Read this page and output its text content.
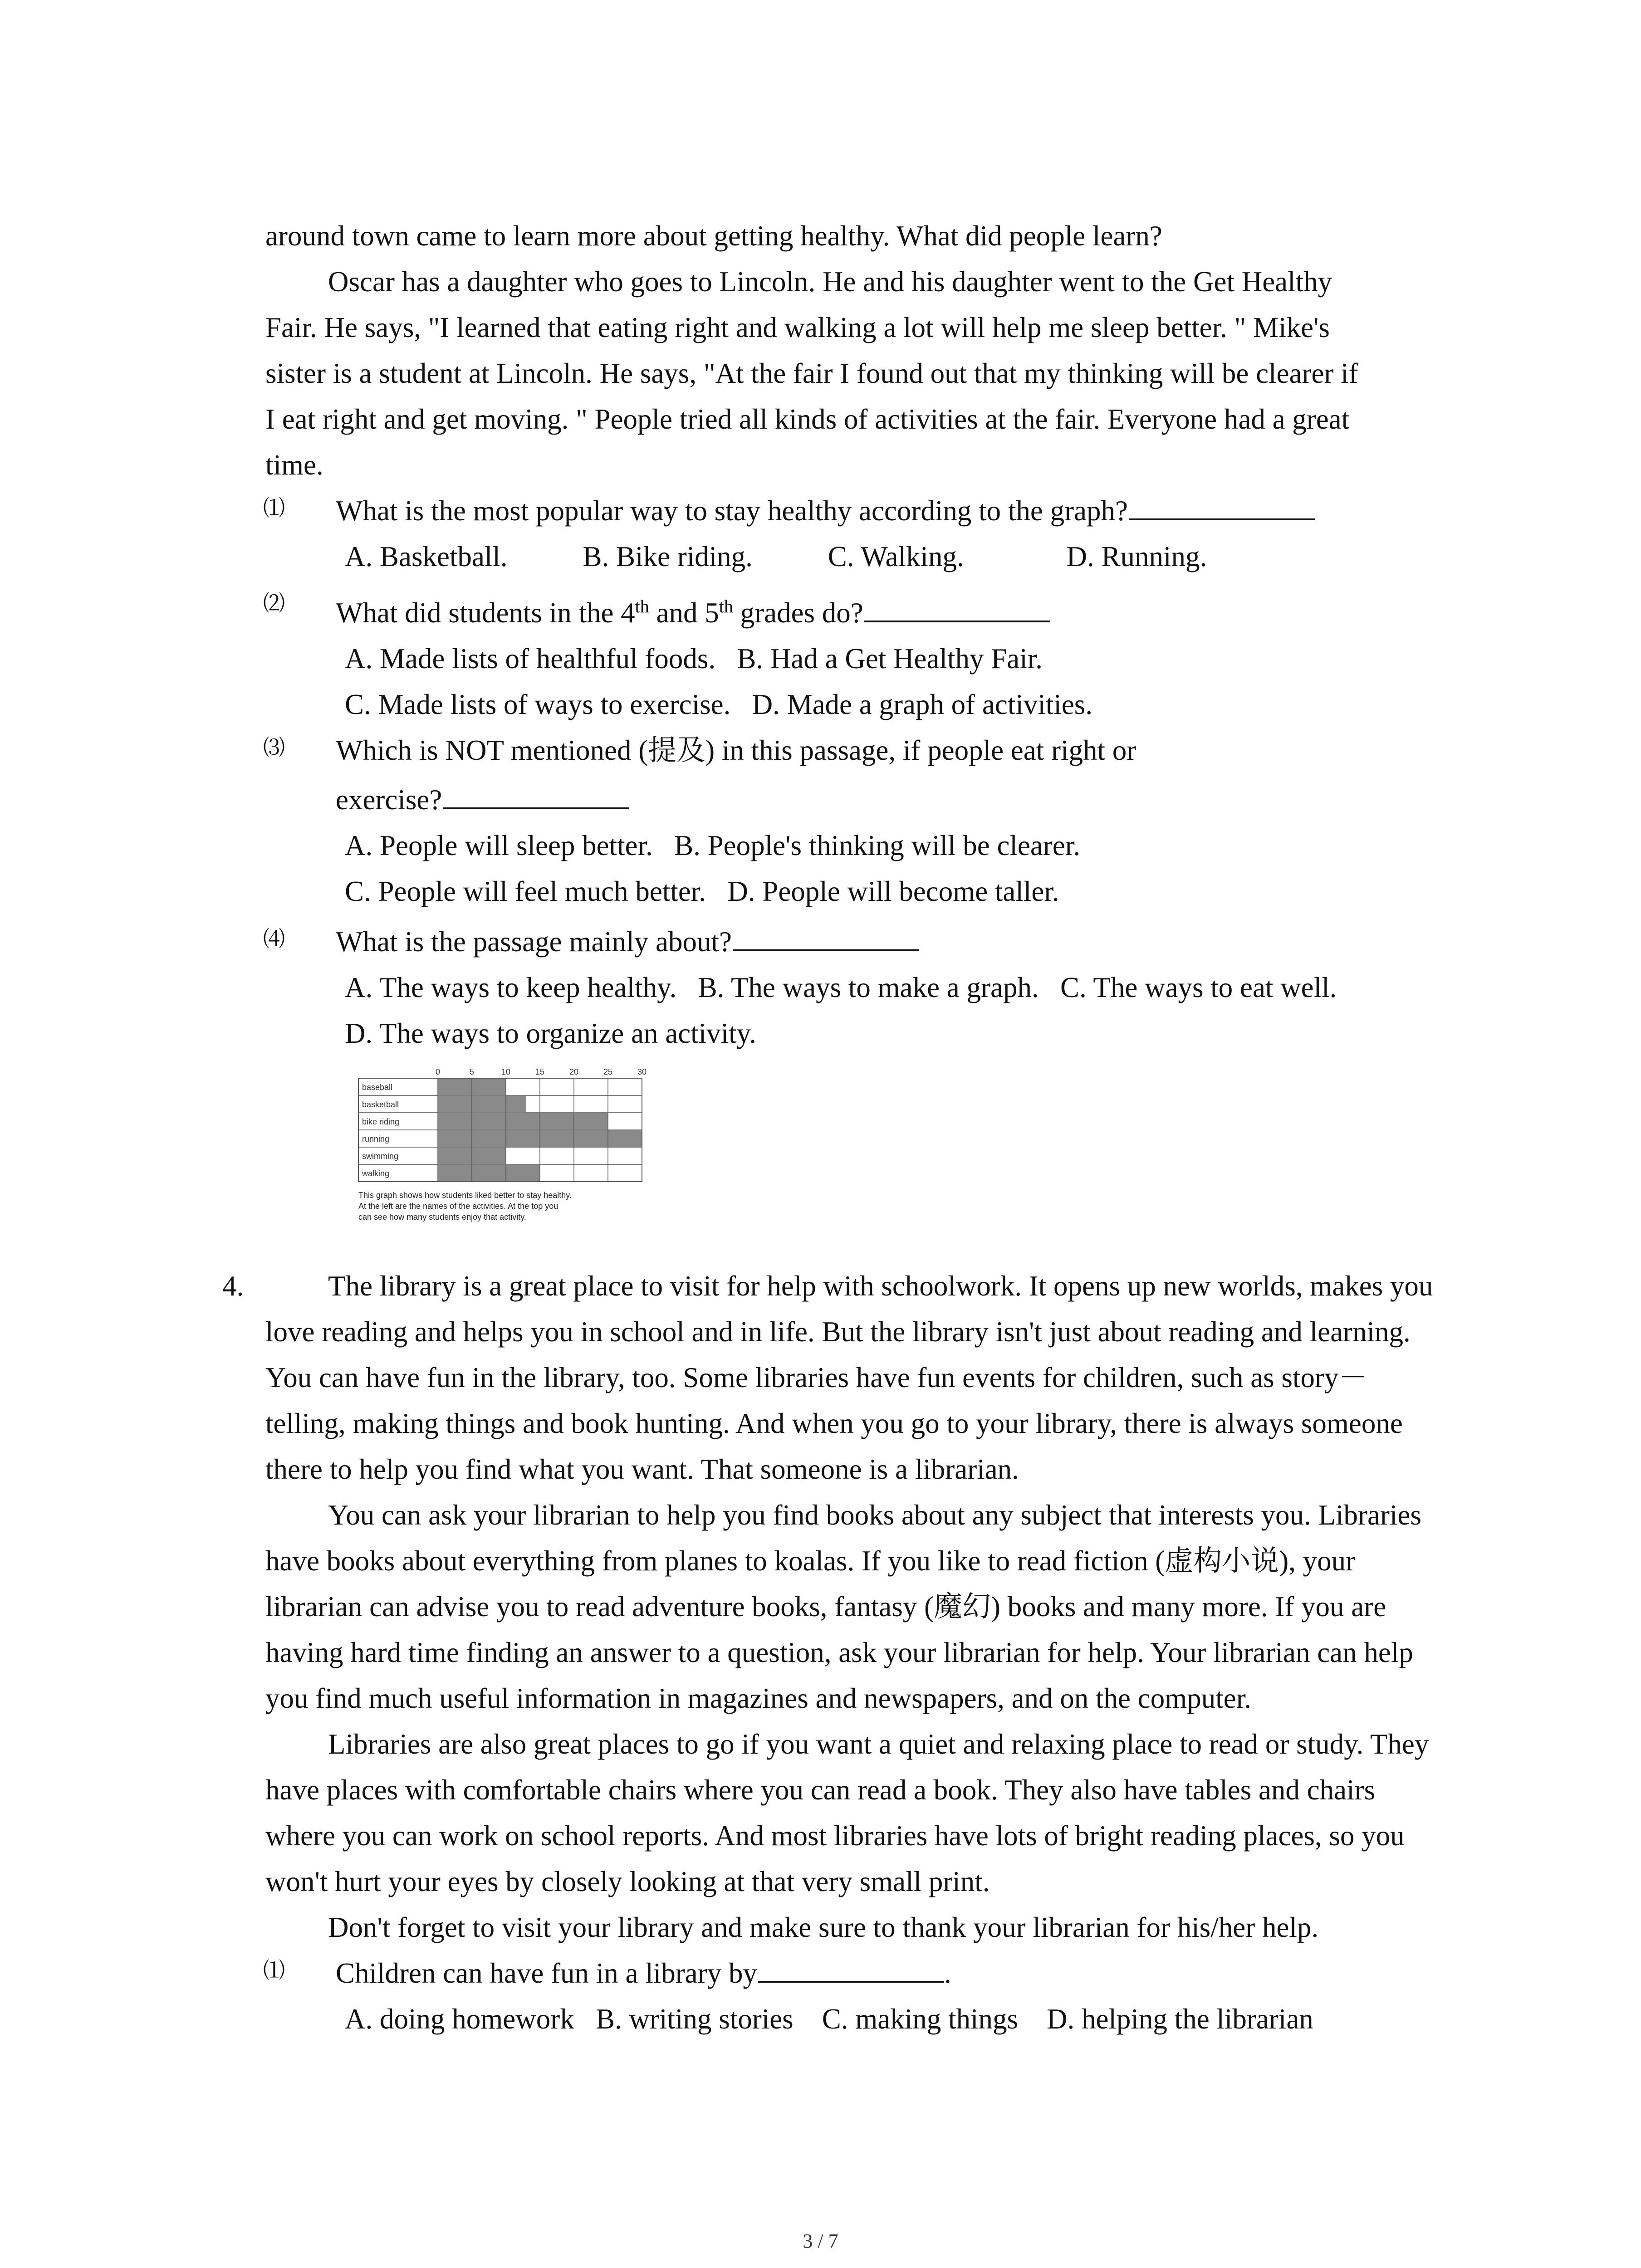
around town came to learn more about getting healthy. What did people learn?
Oscar has a daughter who goes to Lincoln. He and his daughter went to the Get Healthy
Fair. He says, "I learned that eating right and walking a lot will help me sleep better. " Mike's
sister is a student at Lincoln. He says, "At the fair I found out that my thinking will be clearer if
I eat right and get moving. " People tried all kinds of activities at the fair. Everyone had a great
time.
⑴ What is the most popular way to stay healthy according to the graph?
A. Basketball.	B. Bike riding.	C. Walking.	D. Running.
⑵ What did students in the 4th and 5th grades do?
A. Made lists of healthful foods. B. Had a Get Healthy Fair.
C. Made lists of ways to exercise. D. Made a graph of activities.
⑶ Which is NOT mentioned (提及) in this passage, if people eat right or
exercise?
A. People will sleep better. B. People's thinking will be clearer.
C. People will feel much better. D. People will become taller.
⑷ What is the passage mainly about?
A. The ways to keep healthy. B. The ways to make a graph. C. The ways to eat well.
D. The ways to organize an activity.
0	5	10	15	20	25	30
baseball
basketball
bike riding
running
swimming
walking
This graph shows how students liked better to stay healthy.
At the left are the names of the activities. At the top you
can see how many students enjoy that activity.
4.	The library is a great place to visit for help with schoolwork. It opens up new worlds, makes you love reading and helps you in school and in life. But the library isn't just about reading and learning. You can have fun in the library, too. Some libraries have fun events for children, such as story－telling, making things and book hunting. And when you go to your library, there is always someone there to help you find what you want. That someone is a librarian.
You can ask your librarian to help you find books about any subject that interests you. Libraries have books about everything from planes to koalas. If you like to read fiction (虚构小说), your librarian can advise you to read adventure books, fantasy (魔幻) books and many more. If you are having hard time finding an answer to a question, ask your librarian for help. Your librarian can help you find much useful information in magazines and newspapers, and on the computer.
Libraries are also great places to go if you want a quiet and relaxing place to read or study. They have places with comfortable chairs where you can read a book. They also have tables and chairs where you can work on school reports. And most libraries have lots of bright reading places, so you won't hurt your eyes by closely looking at that very small print.
Don't forget to visit your library and make sure to thank your librarian for his/her help.
⑴ Children can have fun in a library by	.
A. doing homework B. writing stories C. making things D. helping the librarian
3 / 7
